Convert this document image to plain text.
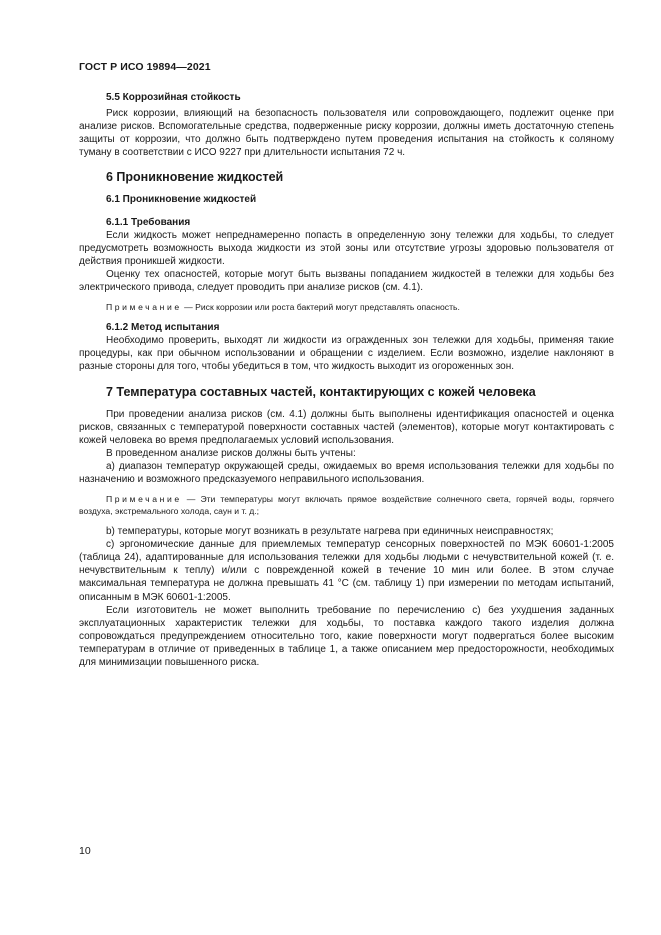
ГОСТ Р ИСО 19894—2021
5.5 Коррозийная стойкость

Риск коррозии, влияющий на безопасность пользователя или сопровождающего, подлежит оценке при анализе рисков. Вспомогательные средства, подверженные риску коррозии, должны иметь достаточную степень защиты от коррозии, что должно быть подтверждено путем проведения испытания на стойкость к соляному туману в соответствии с ИСО 9227 при длительности испытания 72 ч.

6 Проникновение жидкостей
6.1 Проникновение жидкостей
6.1.1 Требования

Если жидкость может непреднамеренно попасть в определенную зону тележки для ходьбы, то следует предусмотреть возможность выхода жидкости из этой зоны или отсутствие угрозы здоровью пользователя от действия проникшей жидкости.

Оценку тех опасностей, которые могут быть вызваны попаданием жидкостей в тележки для ходьбы без электрического привода, следует проводить при анализе рисков (см. 4.1).

Примечание — Риск коррозии или роста бактерий могут представлять опасность.
6.1.2 Метод испытания

Необходимо проверить, выходят ли жидкости из огражденных зон тележки для ходьбы, применяя такие процедуры, как при обычном использовании и обращении с изделием. Если возможно, изделие наклоняют в разные стороны для того, чтобы убедиться в том, что жидкость выходит из огороженных зон.

7 Температура составных частей, контактирующих с кожей человека

При проведении анализа рисков (см. 4.1) должны быть выполнены идентификация опасностей и оценка рисков, связанных с температурой поверхности составных частей (элементов), которые могут контактировать с кожей человека во время предполагаемых условий использования.

В проведенном анализе рисков должны быть учтены:

а) диапазон температур окружающей среды, ожидаемых во время использования тележки для ходьбы по назначению и возможного предсказуемого неправильного использования.

Примечание — Эти температуры могут включать прямое воздействие солнечного света, горячей воды, горячего воздуха, экстремального холода, саун и т. д.;

b) температуры, которые могут возникать в результате нагрева при единичных неисправностях;

с) эргономические данные для приемлемых температур сенсорных поверхностей по МЭК 60601-1:2005 (таблица 24), адаптированные для использования тележки для ходьбы людьми с нечувствительной кожей (т. е. нечувствительным к теплу) и/или с поврежденной кожей в течение 10 мин или более. В этом случае максимальная температура не должна превышать 41 °С (см. таблицу 1) при измерении по методам испытаний, описанным в МЭК 60601-1:2005.

Если изготовитель не может выполнить требование по перечислению с) без ухудшения заданных эксплуатационных характеристик тележки для ходьбы, то поставка каждого такого изделия должна сопровождаться предупреждением относительно того, какие поверхности могут подвергаться более высоким температурам в отличие от приведенных в таблице 1, а также описанием мер предосторожности, необходимых для минимизации повышенного риска.

10
